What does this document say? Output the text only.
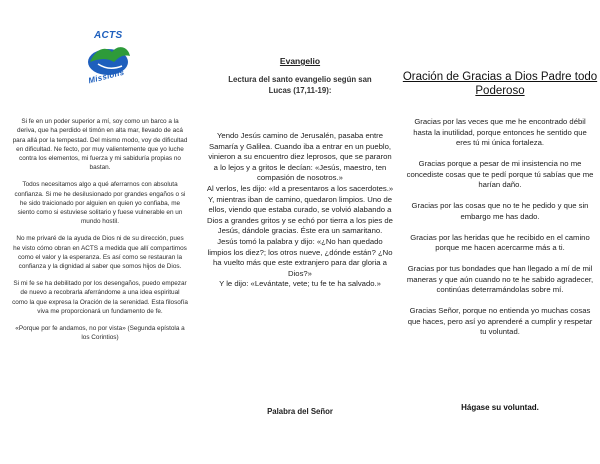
ACTS
Missions

Si fe en un poder superior a mí, soy como un barco a la deriva, que ha perdido el timón en alta mar, llevado de acá para allá por la tempestad. Del mismo modo, voy de dificultad en dificultad. Ne fecto, por muy valientemente que yo luche contra los elementos, mi fuerza y mi sabiduría propias no bastan.

Todos necesitamos algo a qué aferrarnos con absoluta confianza. Si me he desilusionado por grandes engaños o si he sido traicionado por alguien en quien yo confiaba, me siento como si estuviese solitario y fuese vulnerable en un mundo hostil.

No me privaré de la ayuda de Dios ni de su dirección, pues he visto cómo obran en ACTS a medida que allí compartimos como el valor y la esperanza. Es así como se restauran la confianza y la dignidad al saber que somos hijos de Dios.

Si mi fe se ha debilitado por los desengaños, puedo empezar de nuevo a recobrarla aferrándome a una idea espiritual como la que expresa la Oración de la serenidad. Esta filosofía viva me proporcionará un fundamento de fe.

«Porque por fe andamos, no por vista» (Segunda epístola a los Corintios)

Evangelio
Lectura del santo evangelio según san Lucas (17,11-19):
Yendo Jesús camino de Jerusalén, pasaba entre Samaría y Galilea. Cuando iba a entrar en un pueblo, vinieron a su encuentro diez leprosos, que se pararon a lo lejos y a gritos le decían: «Jesús, maestro, ten compasión de nosotros.»
Al verlos, les dijo: «Id a presentaros a los sacerdotes.»
Y, mientras iban de camino, quedaron limpios. Uno de ellos, viendo que estaba curado, se volvió alabando a Dios a grandes gritos y se echó por tierra a los pies de Jesús, dándole gracias. Éste era un samaritano.
Jesús tomó la palabra y dijo: «¿No han quedado limpios los diez?; los otros nueve, ¿dónde están? ¿No ha vuelto más que este extranjero para dar gloria a Dios?»
Y le dijo: «Levántate, vete; tu fe te ha salvado.»
Palabra del Señor
Oración de Gracias a Dios Padre todo Poderoso

Gracias por las veces que me he encontrado débil hasta la inutilidad, porque entonces he sentido que eres tú mi única fortaleza.

Gracias porque a pesar de mi insistencia no me concediste cosas que te pedí porque tú sabías que me harían daño.

Gracias por las cosas que no te he pedido y que sin embargo me has dado.

Gracias por las heridas que he recibido en el camino porque me hacen acercarme más a ti.

Gracias por tus bondades que han llegado a mí de mil maneras y que aún cuando no te he sabido agradecer, continúas deterramándolas sobre mí.

Gracias Señor, porque no entienda yo muchas cosas que haces, pero así yo aprenderé a cumplir y respetar tu voluntad.

Hágase su voluntad.
